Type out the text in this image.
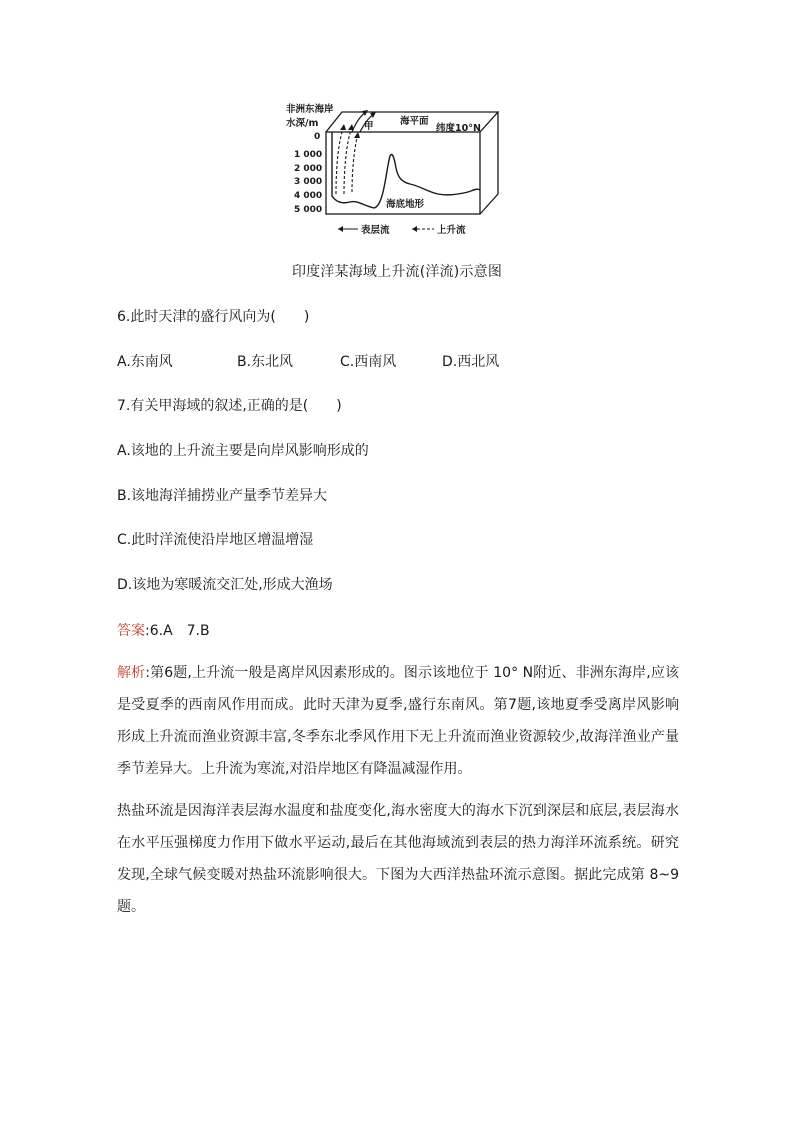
非洲东海岸
水深/m
0
1 000
2 000
3 000
4 000
5 000
甲	海平面
纬度10°N
海底地形
表层流	上升流
印度洋某海域上升流(洋流)示意图
6.此时天津的盛行风向为(　　)
A.东南风	B.东北风	C.西南风	D.西北风
7.有关甲海域的叙述,正确的是(　　)
A.该地的上升流主要是向岸风影响形成的
B.该地海洋捕捞业产量季节差异大
C.此时洋流使沿岸地区增温增湿
D.该地为寒暖流交汇处,形成大渔场
答案:6.A　7.B
解析:第6题,上升流一般是离岸风因素形成的。图示该地位于 10° N附近、非洲东海岸,应该是受夏季的西南风作用而成。此时天津为夏季,盛行东南风。第7题,该地夏季受离岸风影响形成上升流而渔业资源丰富,冬季东北季风作用下无上升流而渔业资源较少,故海洋渔业产量季节差异大。上升流为寒流,对沿岸地区有降温减湿作用。
热盐环流是因海洋表层海水温度和盐度变化,海水密度大的海水下沉到深层和底层,表层海水在水平压强梯度力作用下做水平运动,最后在其他海域流到表层的热力海洋环流系统。研究发现,全球气候变暖对热盐环流影响很大。下图为大西洋热盐环流示意图。据此完成第 8~9 题。
